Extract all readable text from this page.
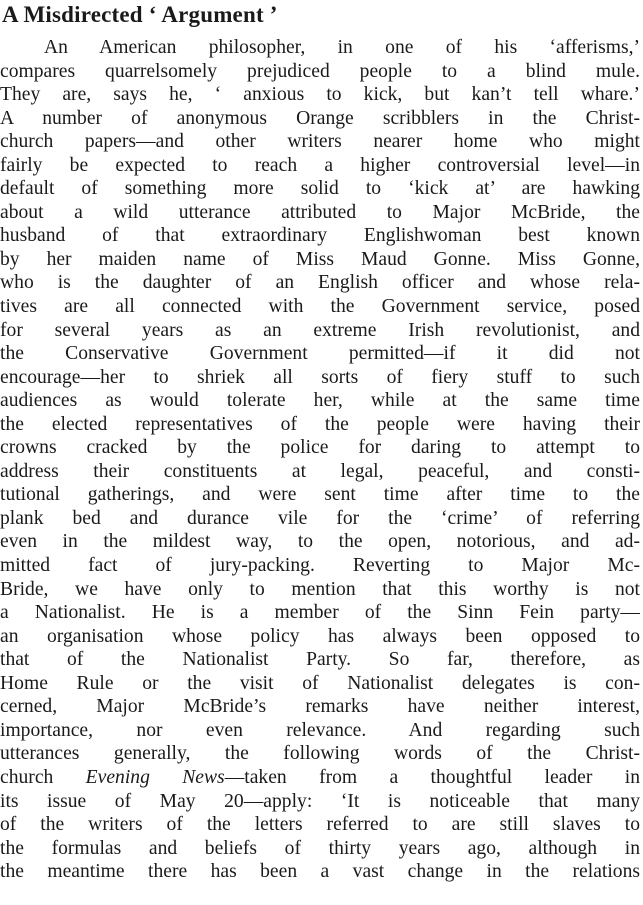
A Misdirected ‘ Argument ’
An American philosopher, in one of his ‘afferisms,’
compares quarrelsomely prejudiced people to a blind mule.
They are, says he, ‘ anxious to kick, but kan’t tell whare.’
A number of anonymous Orange scribblers in the Christ-
church papers—and other writers nearer home who might
fairly be expected to reach a higher controversial level—in
default of something more solid to ‘kick at’ are hawking
about a wild utterance attributed to Major McBride, the
husband of that extraordinary Englishwoman best known
by her maiden name of Miss Maud Gonne. Miss Gonne,
who is the daughter of an English officer and whose rela-
tives are all connected with the Government service, posed
for several years as an extreme Irish revolutionist, and
the Conservative Government permitted—if it did not
encourage—her to shriek all sorts of fiery stuff to such
audiences as would tolerate her, while at the same time
the elected representatives of the people were having their
crowns cracked by the police for daring to attempt to
address their constituents at legal, peaceful, and consti-
tutional gatherings, and were sent time after time to the
plank bed and durance vile for the ‘crime’ of referring
even in the mildest way, to the open, notorious, and ad-
mitted fact of jury-packing. Reverting to Major Mc-
Bride, we have only to mention that this worthy is not
a Nationalist. He is a member of the Sinn Fein party—
an organisation whose policy has always been opposed to
that of the Nationalist Party. So far, therefore, as
Home Rule or the visit of Nationalist delegates is con-
cerned, Major McBride’s remarks have neither interest,
importance, nor even relevance. And regarding such
utterances generally, the following words of the Christ-
church Evening News—taken from a thoughtful leader in
its issue of May 20—apply: ‘It is noticeable that many
of the writers of the letters referred to are still slaves to
the formulas and beliefs of thirty years ago, although in
the meantime there has been a vast change in the relations
